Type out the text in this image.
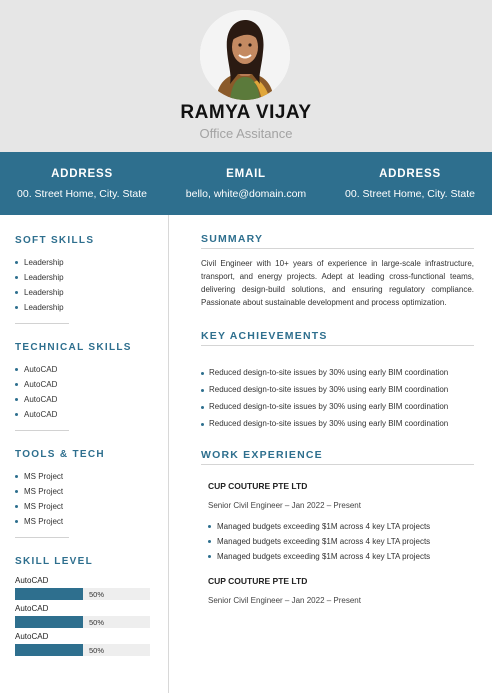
RAMYA VIJAY
Office Assitance
ADDRESS
00. Street Home, City. State
EMAIL
bello, white@domain.com
ADDRESS
00. Street Home, City. State
SOFT SKILLS
Leadership
Leadership
Leadership
Leadership
TECHNICAL SKILLS
AutoCAD
AutoCAD
AutoCAD
AutoCAD
TOOLS & TECH
MS Project
MS Project
MS Project
MS Project
SKILL LEVEL
AutoCAD
50%
AutoCAD
50%
AutoCAD
50%
SUMMARY

Civil Engineer with 10+ years of experience in large-scale infrastructure, transport, and energy projects. Adept at leading cross-functional teams, delivering design-build solutions, and ensuring regulatory compliance. Passionate about sustainable development and process optimization.

KEY ACHIEVEMENTS
Reduced design-to-site issues by 30% using early BIM coordination
Reduced design-to-site issues by 30% using early BIM coordination
Reduced design-to-site issues by 30% using early BIM coordination
Reduced design-to-site issues by 30% using early BIM coordination
WORK EXPERIENCE
CUP COUTURE PTE LTD
Senior Civil Engineer – Jan 2022 – Present
Managed budgets exceeding $1M across 4 key LTA projects
Managed budgets exceeding $1M across 4 key LTA projects
Managed budgets exceeding $1M across 4 key LTA projects
CUP COUTURE PTE LTD
Senior Civil Engineer – Jan 2022 – Present
